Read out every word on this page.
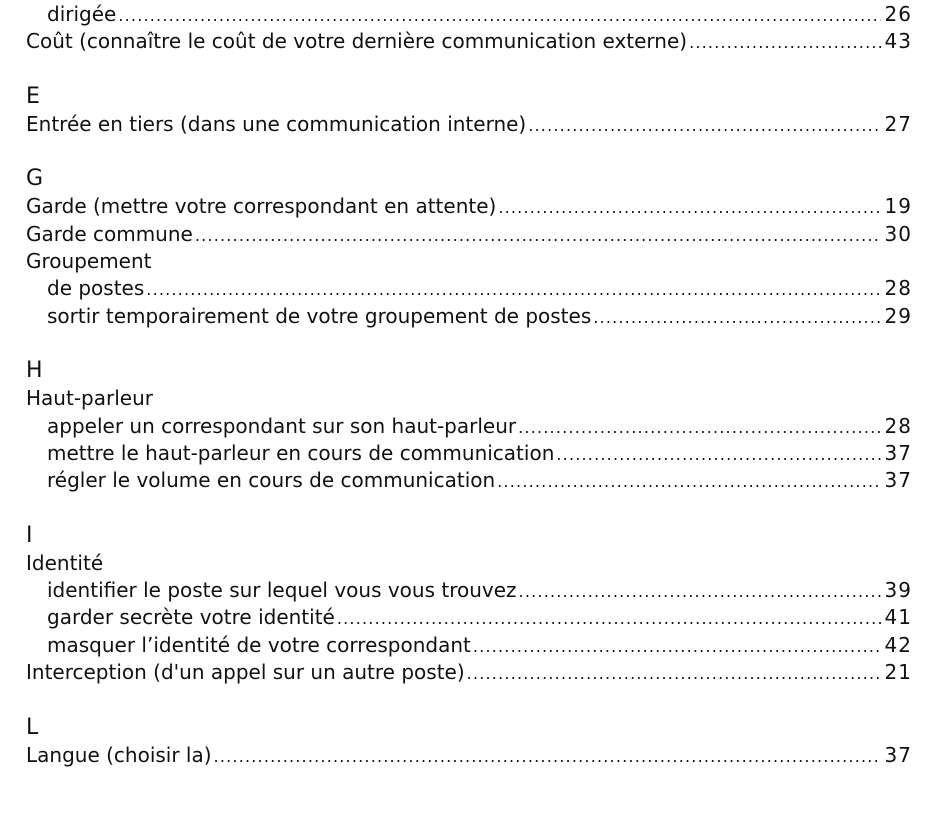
dirigée .....	26
Coût (connaître le coût de votre dernière communication externe) .....	43
E
Entrée en tiers (dans une communication interne) .....	27
G
Garde (mettre votre correspondant en attente) .....	19
Garde commune .....	30
Groupement
de postes .....	28
sortir temporairement de votre groupement de postes .....	29
H
Haut-parleur
appeler un correspondant sur son haut-parleur .....	28
mettre le haut-parleur en cours de communication .....	37
régler le volume en cours de communication .....	37
I
Identité
identifier le poste sur lequel vous vous trouvez .....	39
garder secrète votre identité .....	41
masquer l’identité de votre correspondant .....	42
Interception (d'un appel sur un autre poste) .....	21
L
Langue (choisir la) .....	37
